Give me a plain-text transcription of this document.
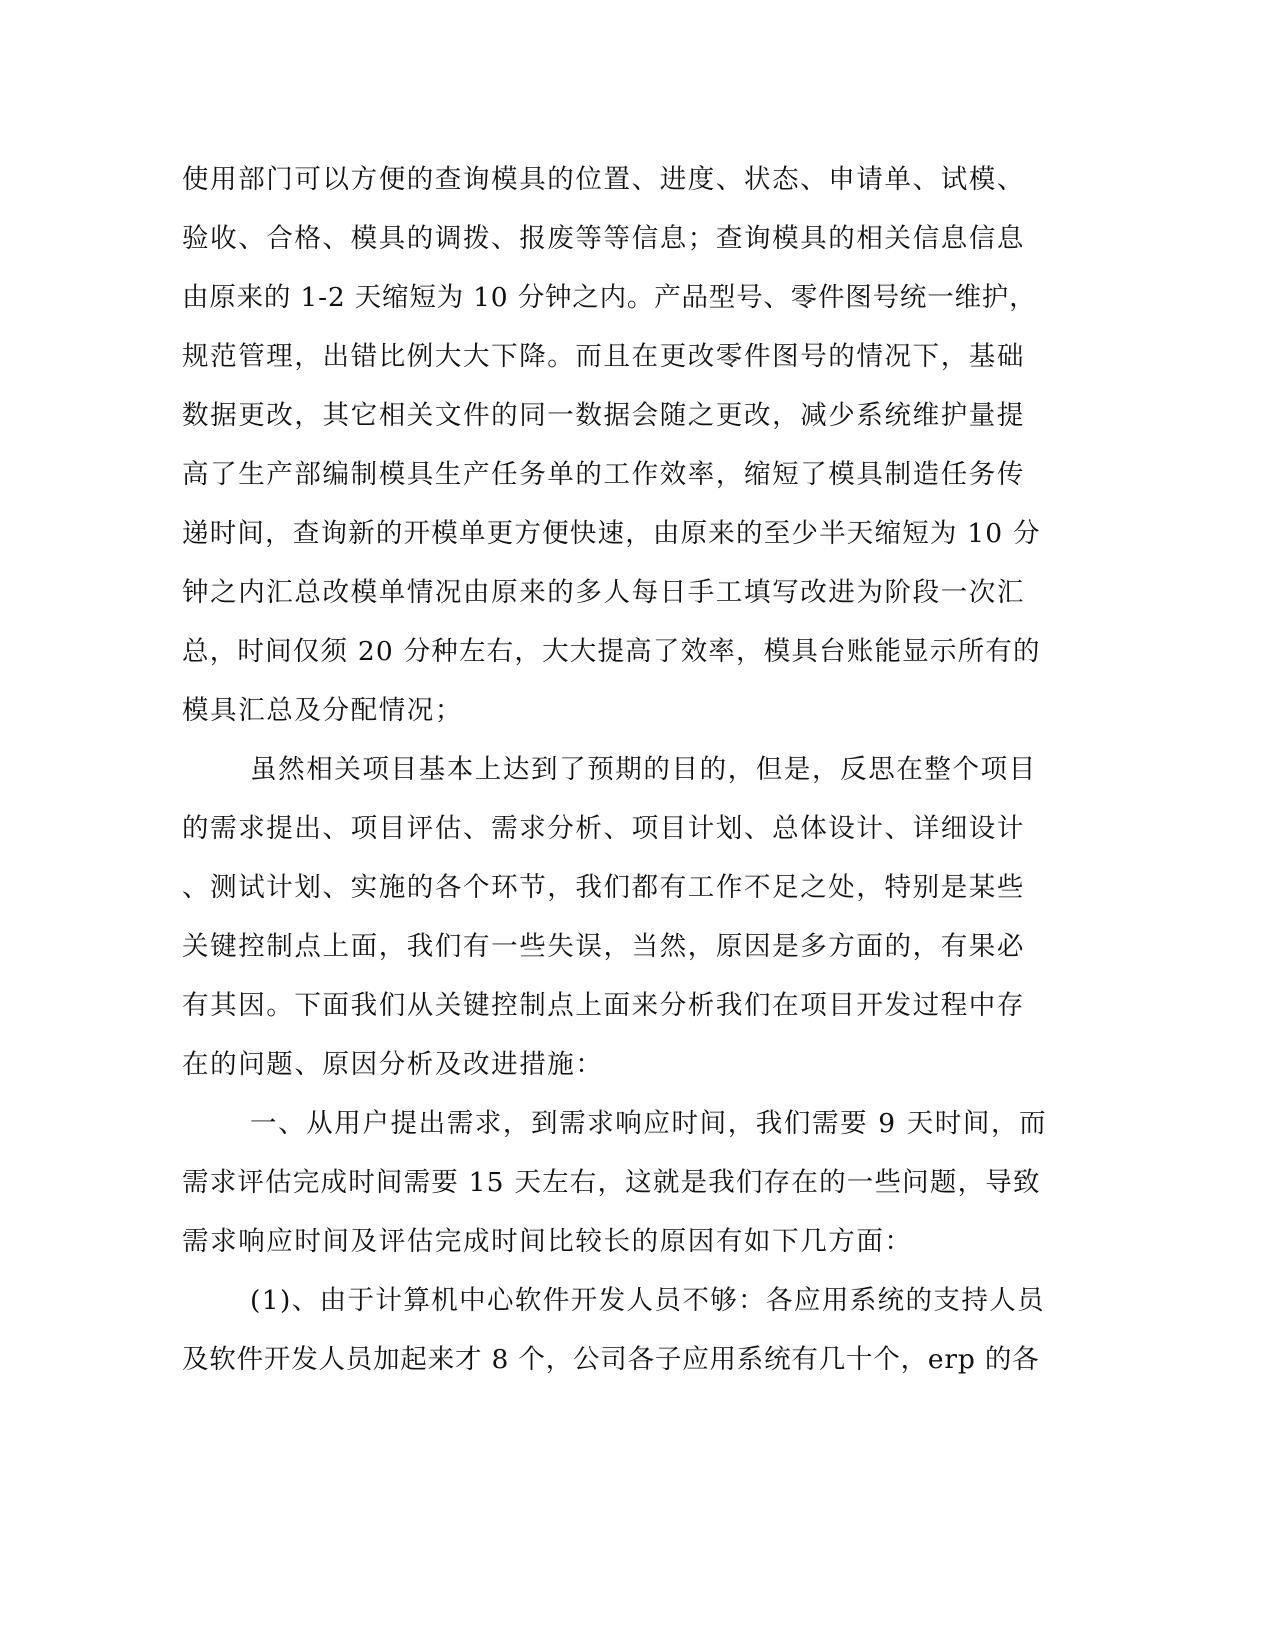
使用部门可以方便的查询模具的位置、进度、状态、申请单、试模、
验收、合格、模具的调拨、报废等等信息；查询模具的相关信息信息
由原来的 1-2 天缩短为 10 分钟之内。产品型号、零件图号统一维护，
规范管理，出错比例大大下降。而且在更改零件图号的情况下，基础
数据更改，其它相关文件的同一数据会随之更改，减少系统维护量提
高了生产部编制模具生产任务单的工作效率，缩短了模具制造任务传
递时间，查询新的开模单更方便快速，由原来的至少半天缩短为 10 分
钟之内汇总改模单情况由原来的多人每日手工填写改进为阶段一次汇
总，时间仅须 20 分种左右，大大提高了效率，模具台账能显示所有的
模具汇总及分配情况；
虽然相关项目基本上达到了预期的目的，但是，反思在整个项目
的需求提出、项目评估、需求分析、项目计划、总体设计、详细设计
、测试计划、实施的各个环节，我们都有工作不足之处，特别是某些
关键控制点上面，我们有一些失误，当然，原因是多方面的，有果必
有其因。下面我们从关键控制点上面来分析我们在项目开发过程中存
在的问题、原因分析及改进措施：
一、从用户提出需求，到需求响应时间，我们需要 9 天时间，而
需求评估完成时间需要 15 天左右，这就是我们存在的一些问题，导致
需求响应时间及评估完成时间比较长的原因有如下几方面：
(1)、由于计算机中心软件开发人员不够：各应用系统的支持人员
及软件开发人员加起来才 8 个，公司各子应用系统有几十个，erp 的各
